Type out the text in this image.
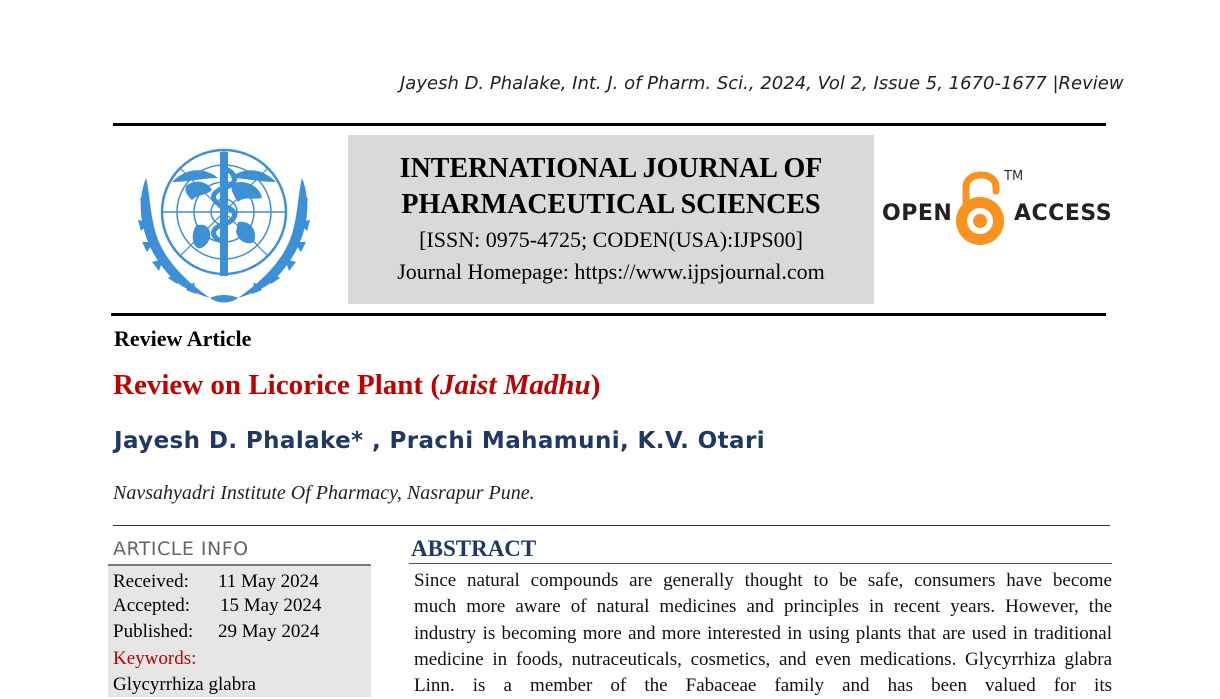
Jayesh D. Phalake, Int. J. of Pharm. Sci., 2024, Vol 2, Issue 5, 1670-1677 |Review
INTERNATIONAL JOURNAL OF
PHARMACEUTICAL SCIENCES
[ISSN: 0975-4725; CODEN(USA):IJPS00]
Journal Homepage: https://www.ijpsjournal.com
OPEN
TM
ACCESS
Review Article
Review on Licorice Plant (Jaist Madhu)
Jayesh D. Phalake* , Prachi Mahamuni, K.V. Otari
Navsahyadri Institute Of Pharmacy, Nasrapur Pune.
ARTICLE INFO
Received: 11 May 2024
Accepted: 15 May 2024
Published: 29 May 2024
Keywords:
Glycyrrhiza glabra
ABSTRACT
Since natural compounds are generally thought to be safe, consumers have become
much more aware of natural medicines and principles in recent years. However, the
industry is becoming more and more interested in using plants that are used in traditional
medicine in foods, nutraceuticals, cosmetics, and even medications. Glycyrrhiza glabra
Linn. is a member of the Fabaceae family and has been valued for its
